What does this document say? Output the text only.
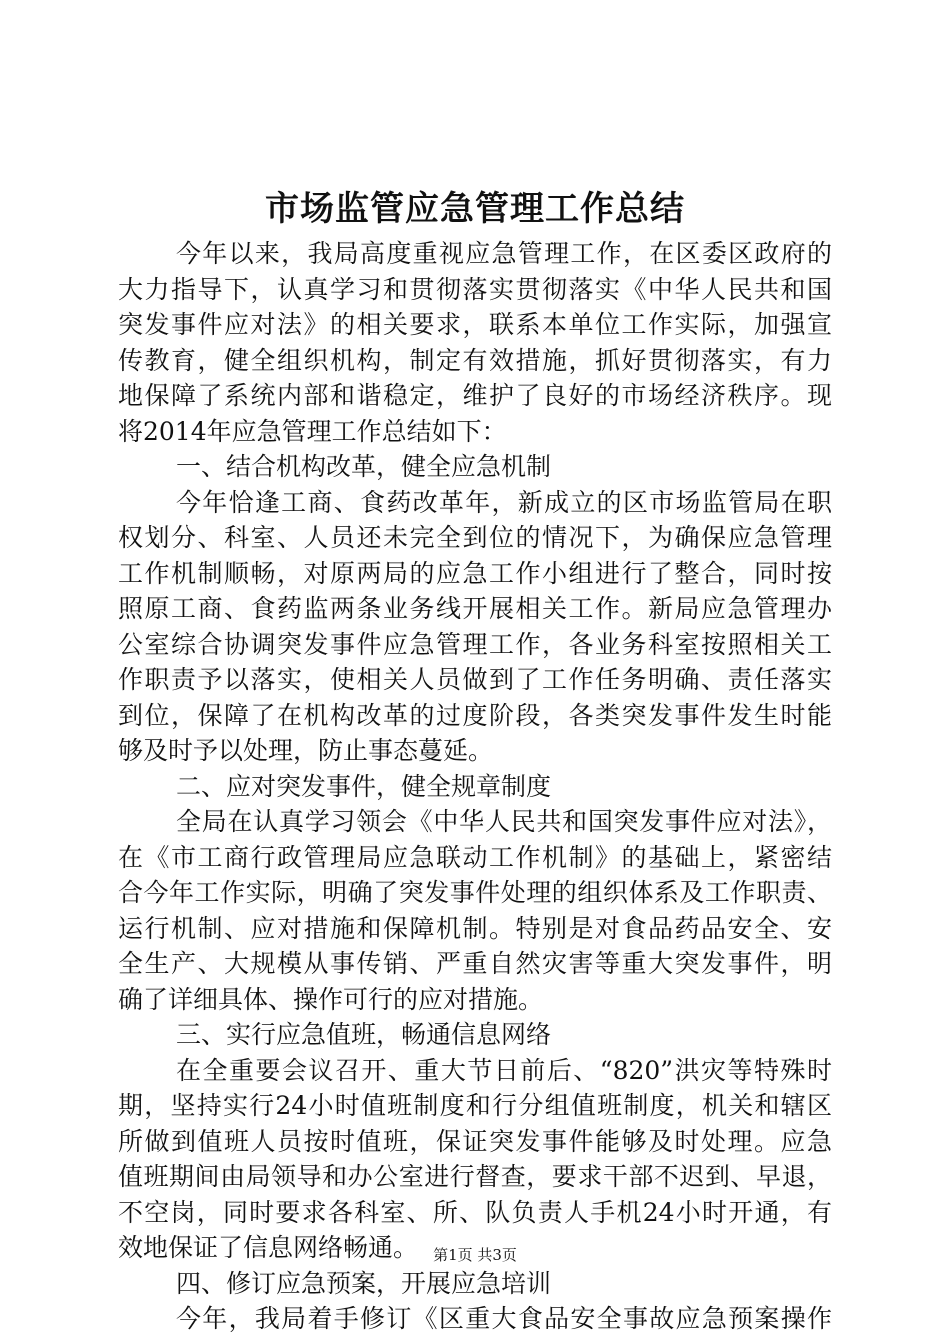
市场监管应急管理工作总结
今年以来，我局高度重视应急管理工作，在区委区政府的
大力指导下，认真学习和贯彻落实贯彻落实《中华人民共和国
突发事件应对法》的相关要求，联系本单位工作实际，加强宣
传教育，健全组织机构，制定有效措施，抓好贯彻落实，有力
地保障了系统内部和谐稳定，维护了良好的市场经济秩序。现
将2014年应急管理工作总结如下：
一、结合机构改革，健全应急机制
今年恰逢工商、食药改革年，新成立的区市场监管局在职
权划分、科室、人员还未完全到位的情况下，为确保应急管理
工作机制顺畅，对原两局的应急工作小组进行了整合，同时按
照原工商、食药监两条业务线开展相关工作。新局应急管理办
公室综合协调突发事件应急管理工作，各业务科室按照相关工
作职责予以落实，使相关人员做到了工作任务明确、责任落实
到位，保障了在机构改革的过度阶段，各类突发事件发生时能
够及时予以处理，防止事态蔓延。
二、应对突发事件，健全规章制度
全局在认真学习领会《中华人民共和国突发事件应对法》，
在《市工商行政管理局应急联动工作机制》的基础上，紧密结
合今年工作实际，明确了突发事件处理的组织体系及工作职责、
运行机制、应对措施和保障机制。特别是对食品药品安全、安
全生产、大规模从事传销、严重自然灾害等重大突发事件，明
确了详细具体、操作可行的应对措施。
三、实行应急值班，畅通信息网络
在全重要会议召开、重大节日前后、“820”洪灾等特殊时
期，坚持实行24小时值班制度和行分组值班制度，机关和辖区
所做到值班人员按时值班，保证突发事件能够及时处理。应急
值班期间由局领导和办公室进行督查，要求干部不迟到、早退，
不空岗，同时要求各科室、所、队负责人手机24小时开通，有
效地保证了信息网络畅通。
四、修订应急预案，开展应急培训
今年，我局着手修订《区重大食品安全事故应急预案操作
第1页 共3页
